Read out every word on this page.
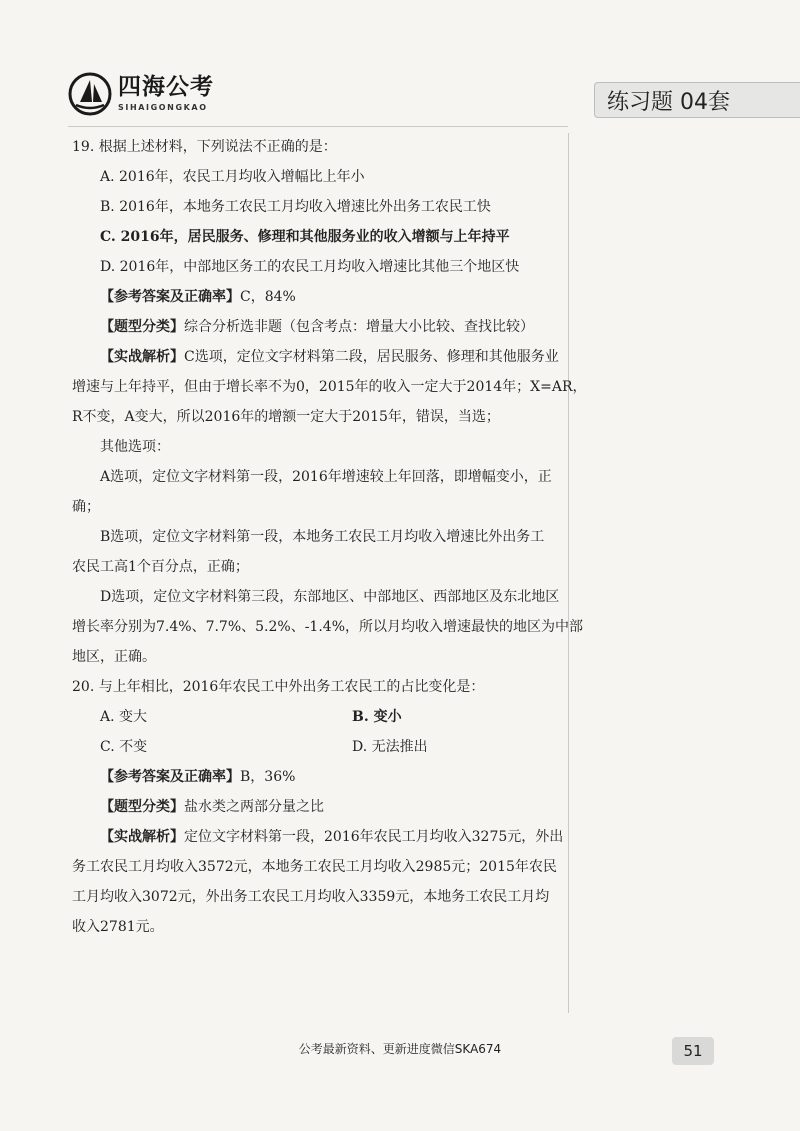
四海公考
SIHAIGONGKAO	练习题 04套
19. 根据上述材料，下列说法不正确的是：
A. 2016年，农民工月均收入增幅比上年小
B. 2016年，本地务工农民工月均收入增速比外出务工农民工快
C. 2016年，居民服务、修理和其他服务业的收入增额与上年持平
D. 2016年，中部地区务工的农民工月均收入增速比其他三个地区快
【参考答案及正确率】C，84%
【题型分类】综合分析选非题（包含考点：增量大小比较、查找比较）
【实战解析】C选项，定位文字材料第二段，居民服务、修理和其他服务业
增速与上年持平，但由于增长率不为0，2015年的收入一定大于2014年；X=AR，
R不变，A变大，所以2016年的增额一定大于2015年，错误，当选；
其他选项：
A选项，定位文字材料第一段，2016年增速较上年回落，即增幅变小，正
确；
B选项，定位文字材料第一段，本地务工农民工月均收入增速比外出务工
农民工高1个百分点，正确；
D选项，定位文字材料第三段，东部地区、中部地区、西部地区及东北地区
增长率分别为7.4%、7.7%、5.2%、-1.4%，所以月均收入增速最快的地区为中部
地区，正确。
20. 与上年相比，2016年农民工中外出务工农民工的占比变化是：
A. 变大	B. 变小
C. 不变	D. 无法推出
【参考答案及正确率】B，36%
【题型分类】盐水类之两部分量之比
【实战解析】定位文字材料第一段，2016年农民工月均收入3275元，外出
务工农民工月均收入3572元，本地务工农民工月均收入2985元；2015年农民
工月均收入3072元，外出务工农民工月均收入3359元，本地务工农民工月均
收入2781元。
公考最新资料、更新进度微信SKA674	51
